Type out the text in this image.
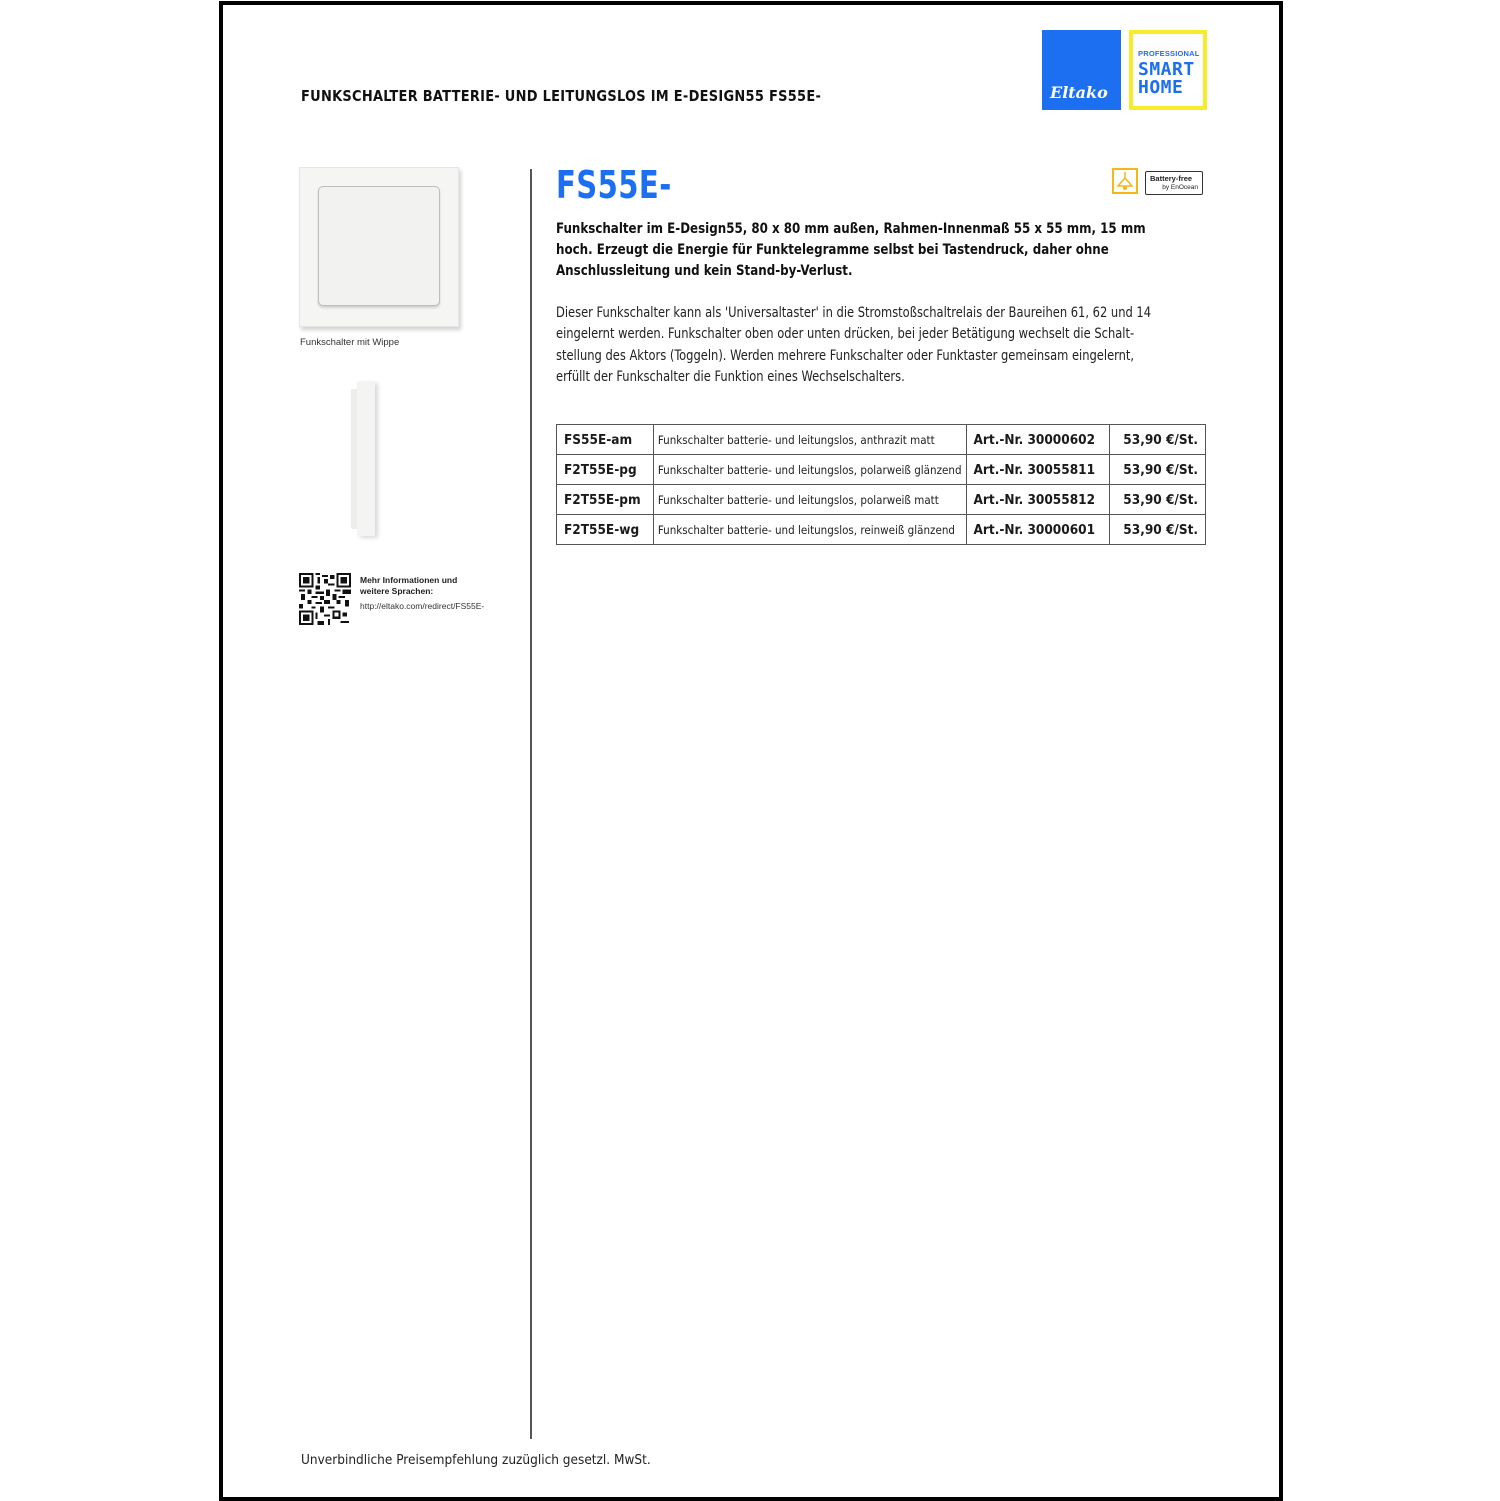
FUNKSCHALTER BATTERIE- UND LEITUNGSLOS IM E-DESIGN55 FS55E-	Eltako
PROFESSIONAL
SMART
HOME
Funkschalter mit Wippe
Mehr Informationen und
weitere Sprachen:
http://eltako.com/redirect/FS55E-
FS55E-	Battery-free
by EnOcean
Funkschalter im E-Design55, 80 x 80 mm außen, Rahmen-Innenmaß 55 x 55 mm, 15 mm hoch. Erzeugt die Energie für Funktelegramme selbst bei Tastendruck, daher ohne Anschlussleitung und kein Stand-by-Verlust.
Dieser Funkschalter kann als 'Universaltaster' in die Stromstoßschaltrelais der Baureihen 61, 62 und 14 eingelernt werden. Funkschalter oben oder unten drücken, bei jeder Betätigung wechselt die Schaltstellung des Aktors (Toggeln). Werden mehrere Funkschalter oder Funktaster gemeinsam eingelernt, erfüllt der Funkschalter die Funktion eines Wechselschalters.
FS55E-am	Funkschalter batterie- und leitungslos, anthrazit matt	Art.-Nr. 30000602	53,90 €/St.
F2T55E-pg	Funkschalter batterie- und leitungslos, polarweiß glänzend	Art.-Nr. 30055811	53,90 €/St.
F2T55E-pm	Funkschalter batterie- und leitungslos, polarweiß matt	Art.-Nr. 30055812	53,90 €/St.
F2T55E-wg	Funkschalter batterie- und leitungslos, reinweiß glänzend	Art.-Nr. 30000601	53,90 €/St.
Unverbindliche Preisempfehlung zuzüglich gesetzl. MwSt.
